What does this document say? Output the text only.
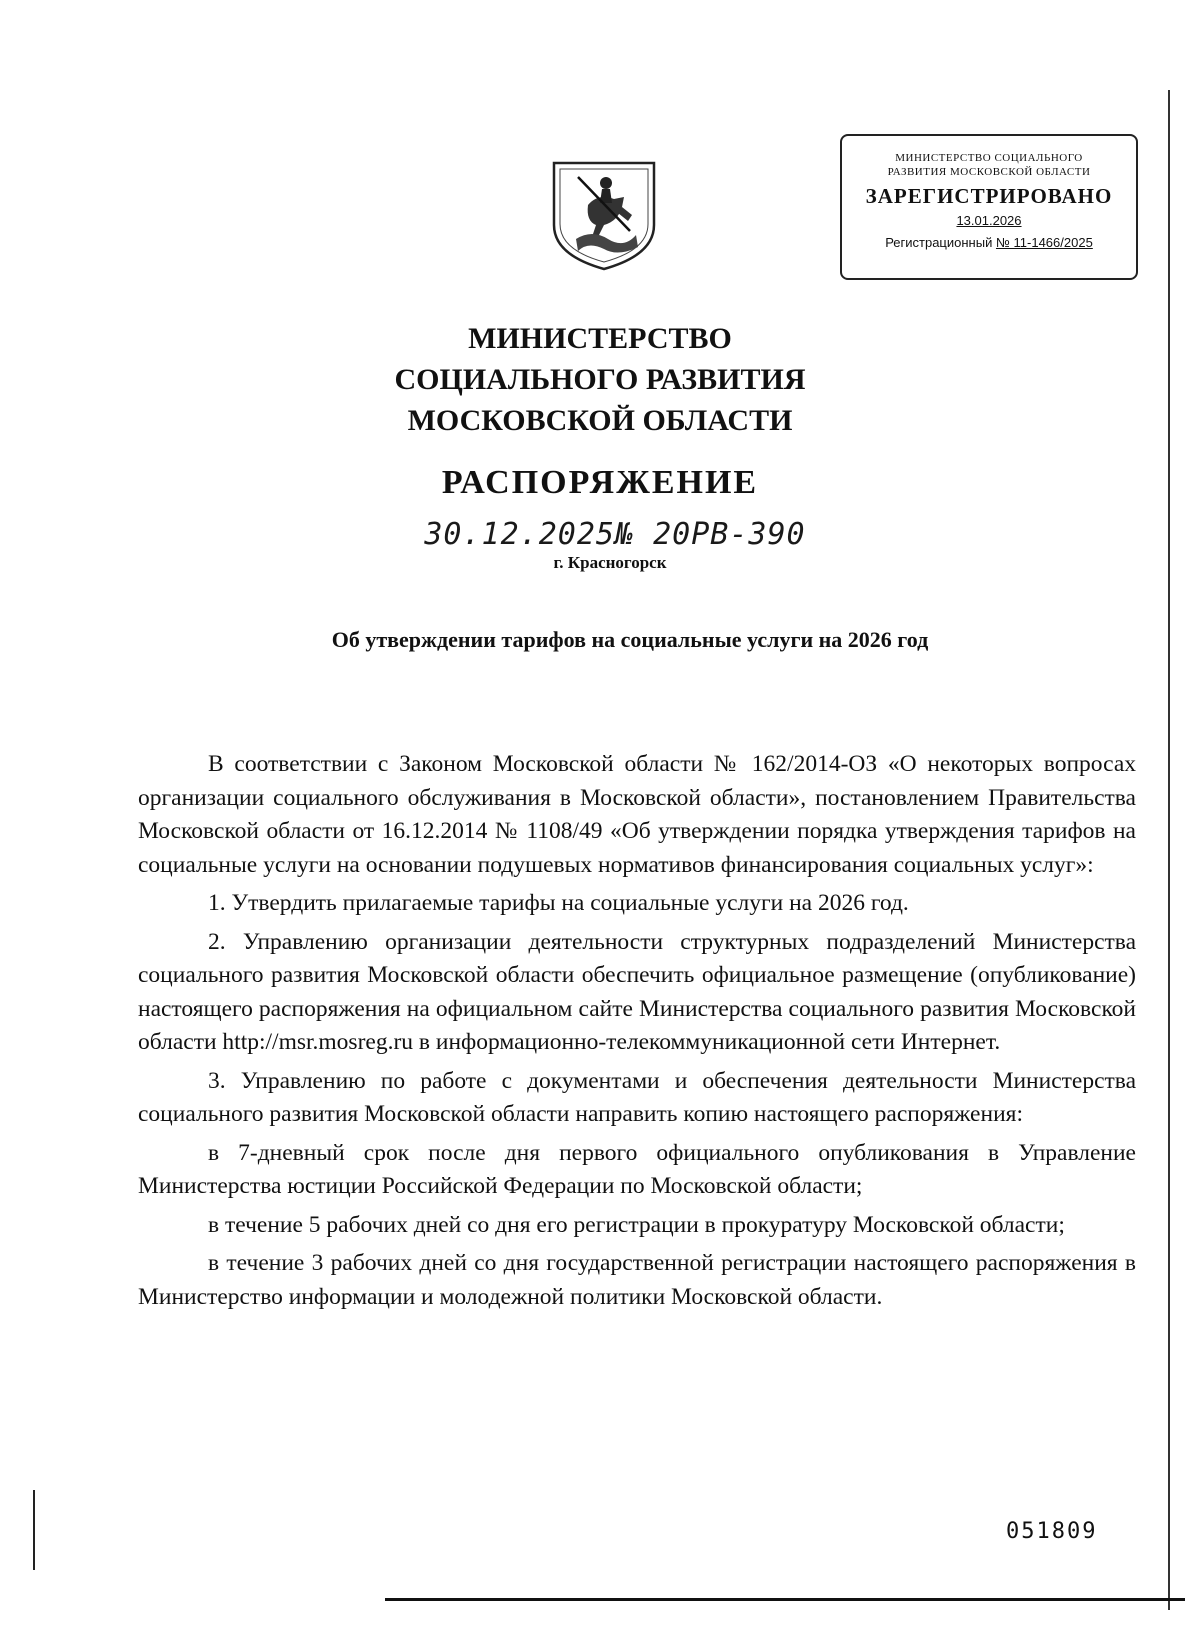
МИНИСТЕРСТВО СОЦИАЛЬНОГО
РАЗВИТИЯ МОСКОВСКОЙ ОБЛАСТИ
ЗАРЕГИСТРИРОВАНО
13.01.2026
Регистрационный № 11-1466/2025
МИНИСТЕРСТВО
СОЦИАЛЬНОГО РАЗВИТИЯ
МОСКОВСКОЙ ОБЛАСТИ
РАСПОРЯЖЕНИЕ
30.12.2025№ 20РВ-390
г. Красногорск
Об утверждении тарифов на социальные услуги на 2026 год

В соответствии с Законом Московской области № 162/2014-ОЗ «О некоторых вопросах организации социального обслуживания в Московской области», постановлением Правительства Московской области от 16.12.2014 № 1108/49 «Об утверждении порядка утверждения тарифов на социальные услуги на основании подушевых нормативов финансирования социальных услуг»:

1. Утвердить прилагаемые тарифы на социальные услуги на 2026 год.

2. Управлению организации деятельности структурных подразделений Министерства социального развития Московской области обеспечить официальное размещение (опубликование) настоящего распоряжения на официальном сайте Министерства социального развития Московской области http://msr.mosreg.ru в информационно-телекоммуникационной сети Интернет.

3. Управлению по работе с документами и обеспечения деятельности Министерства социального развития Московской области направить копию настоящего распоряжения:

в 7-дневный срок после дня первого официального опубликования в Управление Министерства юстиции Российской Федерации по Московской области;

в течение 5 рабочих дней со дня его регистрации в прокуратуру Московской области;

в течение 3 рабочих дней со дня государственной регистрации настоящего распоряжения в Министерство информации и молодежной политики Московской области.

051809
